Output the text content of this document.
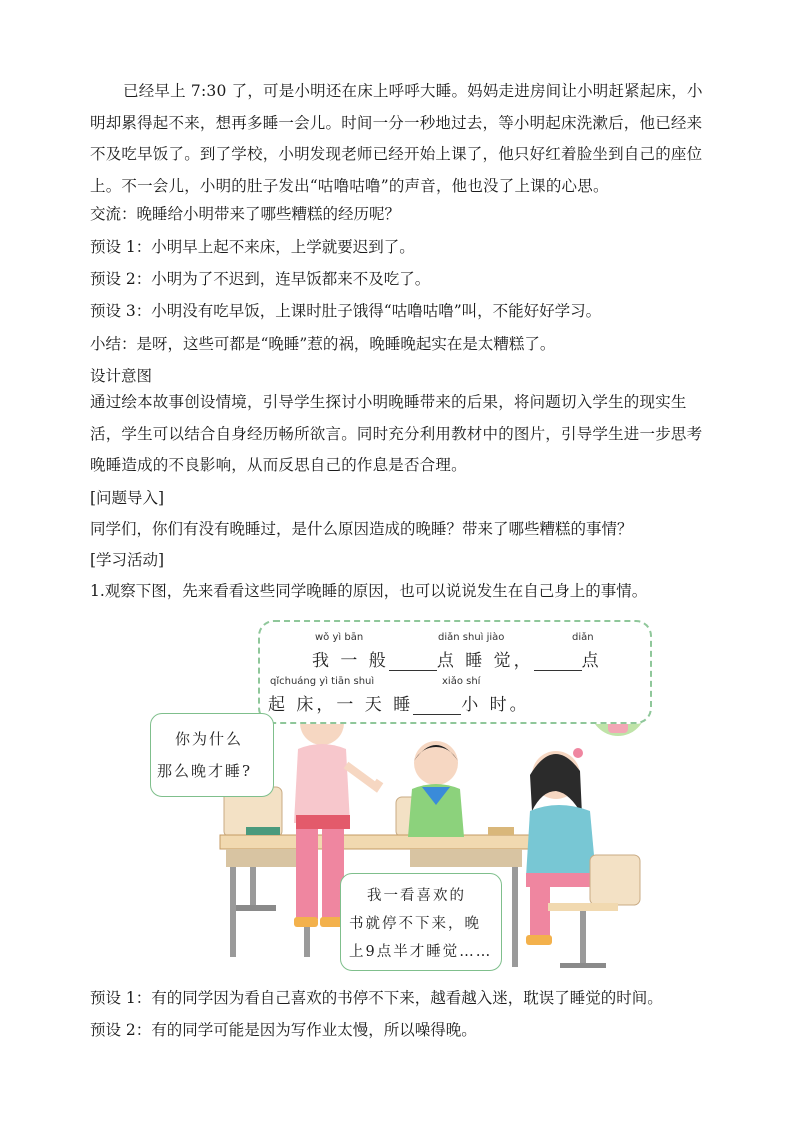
已经早上 7:30 了，可是小明还在床上呼呼大睡。妈妈走进房间让小明赶紧起床，小明却累得起不来，想再多睡一会儿。时间一分一秒地过去，等小明起床洗漱后，他已经来不及吃早饭了。到了学校，小明发现老师已经开始上课了，他只好红着脸坐到自己的座位上。不一会儿，小明的肚子发出“咕噜咕噜”的声音，他也没了上课的心思。
交流：晚睡给小明带来了哪些糟糕的经历呢？
预设 1：小明早上起不来床，上学就要迟到了。
预设 2：小明为了不迟到，连早饭都来不及吃了。
预设 3：小明没有吃早饭，上课时肚子饿得“咕噜咕噜”叫，不能好好学习。
小结：是呀，这些可都是“晚睡”惹的祸，晚睡晚起实在是太糟糕了。
设计意图
通过绘本故事创设情境，引导学生探讨小明晚睡带来的后果，将问题切入学生的现实生活，学生可以结合自身经历畅所欲言。同时充分利用教材中的图片，引导学生进一步思考晚睡造成的不良影响，从而反思自己的作息是否合理。
[问题导入]
同学们，你们有没有晚睡过，是什么原因造成的晚睡？带来了哪些糟糕的事情？
[学习活动]
1.观察下图，先来看看这些同学晚睡的原因，也可以说说发生在自己身上的事情。
wǒ yì bān	diǎn shuì jiào	diǎn
我 一 般	点 睡 觉，	点
qǐchuáng yì tiān shuì	xiǎo shí
起 床，一 天 睡	小 时。
你为什么
那么晚才睡?
我一看喜欢的
书就停不下来，晚
上9点半才睡觉……
预设 1：有的同学因为看自己喜欢的书停不下来，越看越入迷，耽误了睡觉的时间。
预设 2：有的同学可能是因为写作业太慢，所以噪得晚。
